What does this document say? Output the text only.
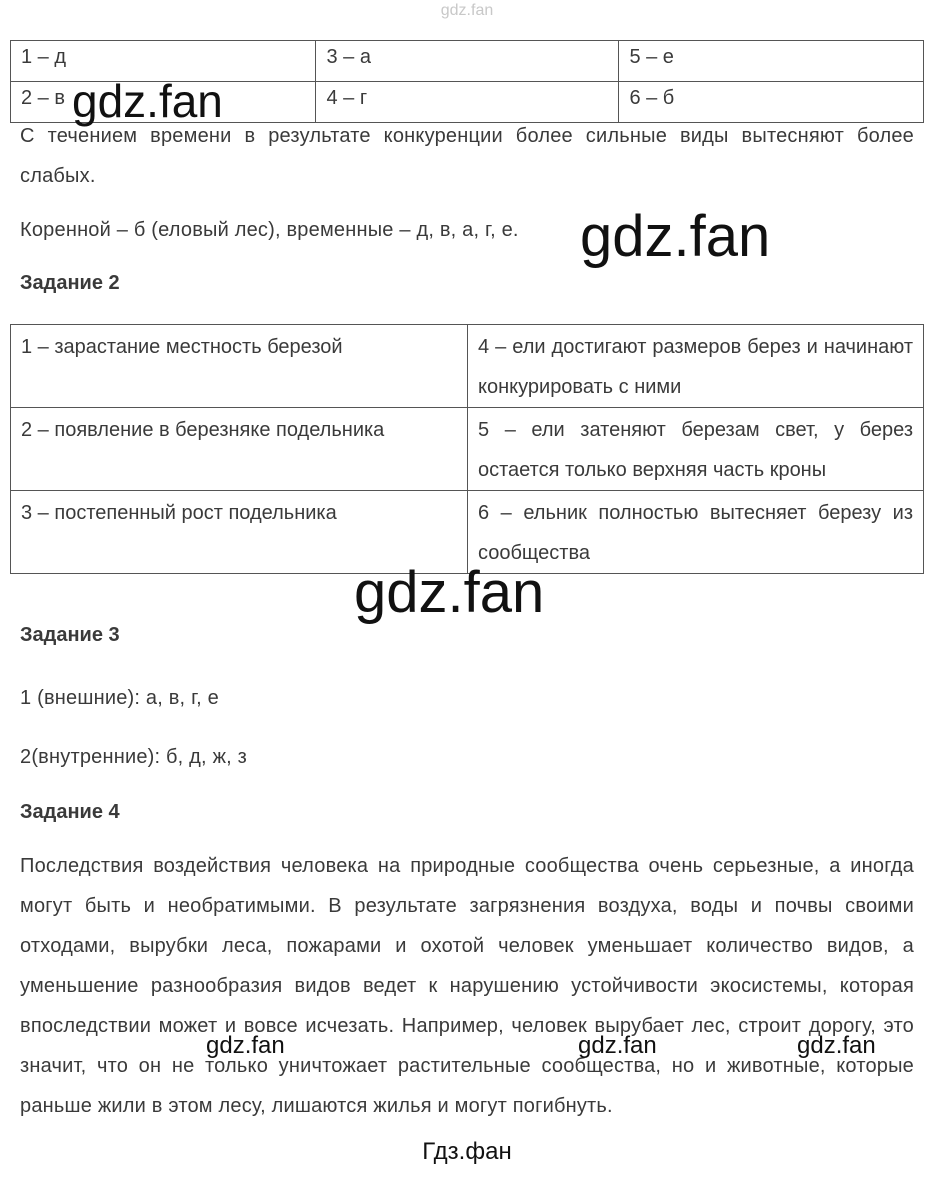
gdz.fan
1 – д	3 – а	5 – е
2 – в	4 – г	6 – б
gdz.fan
С течением времени в результате конкуренции более сильные виды вытесняют более слабых.
Коренной – б (еловый лес), временные – д, в, а, г, е.	gdz.fan
Задание 2
1 – зарастание местность березой	4 – ели достигают размеров берез и начинают конкурировать с ними
2 – появление в березняке подельника	5 – ели затеняют березам свет, у берез остается только верхняя часть кроны
3 – постепенный рост подельника	6 – ельник полностью вытесняет березу из сообщества
gdz.fan
Задание 3
1 (внешние): а, в, г, е
2(внутренние): б, д, ж, з
Задание 4
Последствия воздействия человека на природные сообщества очень серьезные, а иногда могут быть и необратимыми. В результате загрязнения воздуха, воды и почвы своими отходами, вырубки леса, пожарами и охотой человек уменьшает количество видов, а уменьшение разнообразия видов ведет к нарушению устойчивости экосистемы, которая впоследствии может и вовсе исчезать. Например, человек вырубает лес, строит дорогу, это значит, что он не только уничтожает растительные сообщества, но и животные, которые раньше жили в этом лесу, лишаются жилья и могут погибнуть.
gdz.fan	gdz.fan	gdz.fan
Гдз.фан
